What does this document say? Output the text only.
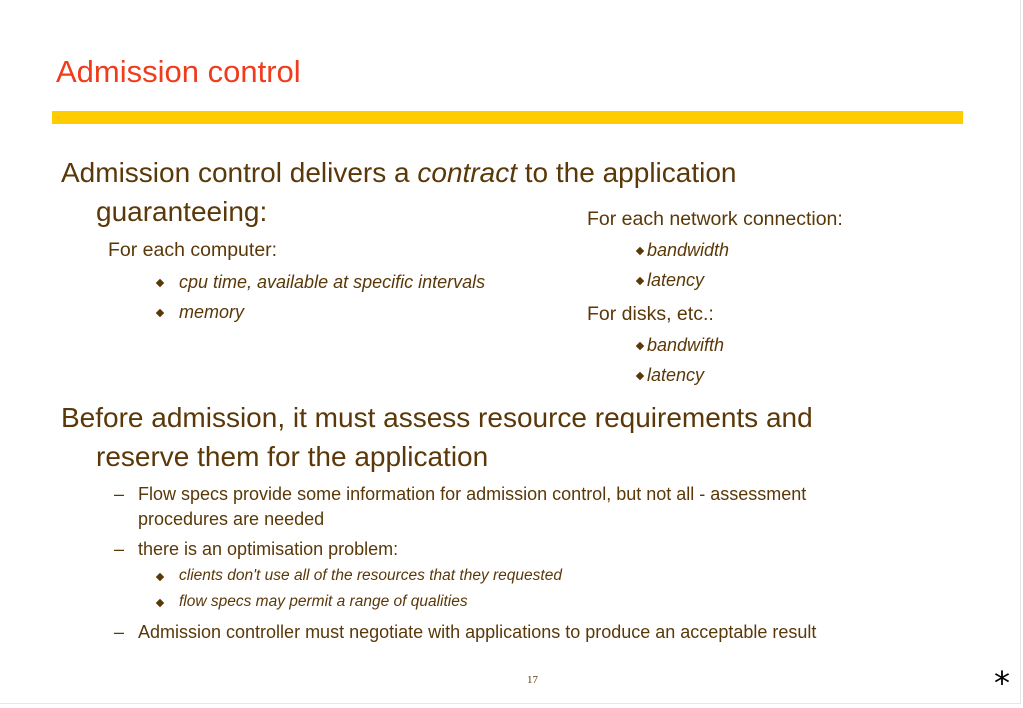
Admission control
Admission control delivers a contract to the application
guaranteeing:
For each computer:
cpu time, available at specific intervals
memory
For each network connection:
bandwidth
latency
For disks, etc.:
bandwifth
latency
Before admission, it must assess resource requirements and
reserve them for the application
– Flow specs provide some information for admission control, but not all - assessment
procedures are needed
– there is an optimisation problem:
clients don't use all of the resources that they requested
flow specs may permit a range of qualities
– Admission controller must negotiate with applications to produce an acceptable result
17	*
